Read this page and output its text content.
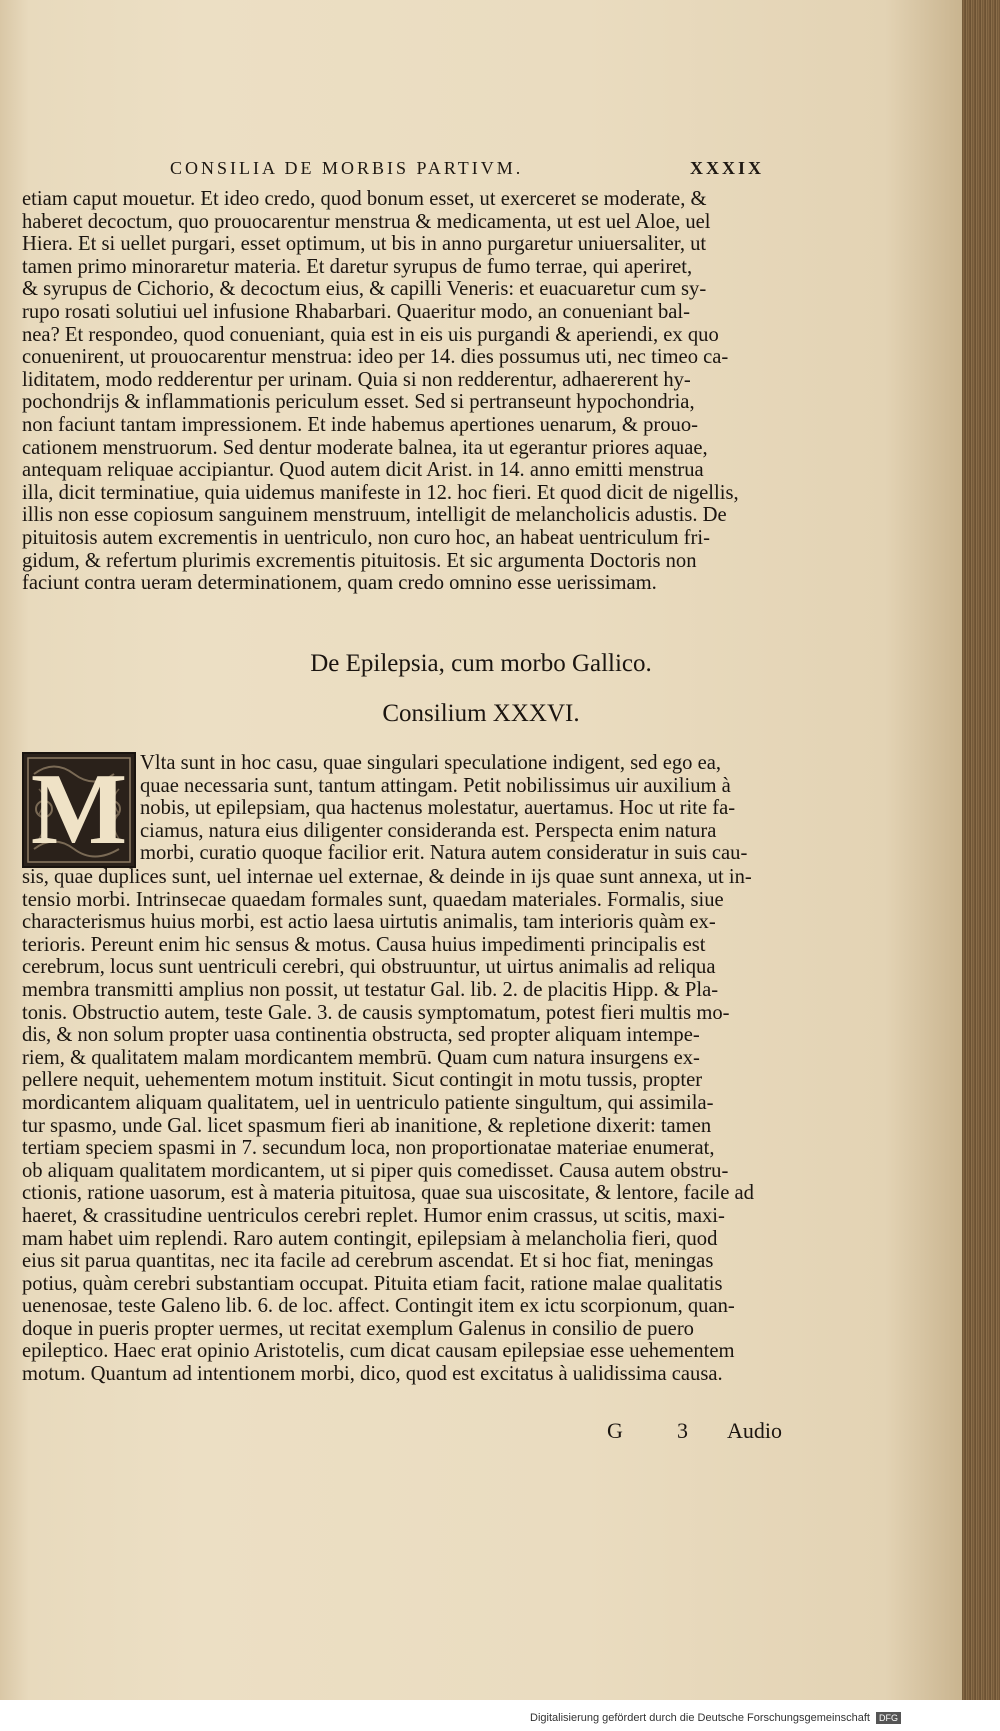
CONSILIA DE MORBIS PARTIVM.	XXXIX
etiam caput mouetur. Et ideo credo, quod bonum esset, ut exerceret se moderate, &
haberet decoctum, quo prouocarentur menstrua & medicamenta, ut est uel Aloe, uel
Hiera. Et si uellet purgari, esset optimum, ut bis in anno purgaretur uniuersaliter, ut
tamen primo minoraretur materia. Et daretur syrupus de fumo terrae, qui aperiret,
& syrupus de Cichorio, & decoctum eius, & capilli Veneris: et euacuaretur cum sy-
rupo rosati solutiui uel infusione Rhabarbari. Quaeritur modo, an conueniant bal-
nea? Et respondeo, quod conueniant, quia est in eis uis purgandi & aperiendi, ex quo
conuenirent, ut prouocarentur menstrua: ideo per 14. dies possumus uti, nec timeo ca-
liditatem, modo redderentur per urinam. Quia si non redderentur, adhaererent hy-
pochondrijs & inflammationis periculum esset. Sed si pertranseunt hypochondria,
non faciunt tantam impressionem. Et inde habemus apertiones uenarum, & prouo-
cationem menstruorum. Sed dentur moderate balnea, ita ut egerantur priores aquae,
antequam reliquae accipiantur. Quod autem dicit Arist. in 14. anno emitti menstrua
illa, dicit terminatiue, quia uidemus manifeste in 12. hoc fieri. Et quod dicit de nigellis,
illis non esse copiosum sanguinem menstruum, intelligit de melancholicis adustis. De
pituitosis autem excrementis in uentriculo, non curo hoc, an habeat uentriculum fri-
gidum, & refertum plurimis excrementis pituitosis. Et sic argumenta Doctoris non
faciunt contra ueram determinationem, quam credo omnino esse uerissimam.
De Epilepsia, cum morbo Gallico.
Consilium XXXVI.
M Vlta sunt in hoc casu, quae singulari speculatione indigent, sed ego ea,
quae necessaria sunt, tantum attingam. Petit nobilissimus uir auxilium à
nobis, ut epilepsiam, qua hactenus molestatur, auertamus. Hoc ut rite fa-
ciamus, natura eius diligenter consideranda est. Perspecta enim natura
morbi, curatio quoque facilior erit. Natura autem consideratur in suis cau-
sis, quae duplices sunt, uel internae uel externae, & deinde in ijs quae sunt annexa, ut in-
tensio morbi. Intrinsecae quaedam formales sunt, quaedam materiales. Formalis, siue
characterismus huius morbi, est actio laesa uirtutis animalis, tam interioris quàm ex-
terioris. Pereunt enim hic sensus & motus. Causa huius impedimenti principalis est
cerebrum, locus sunt uentriculi cerebri, qui obstruuntur, ut uirtus animalis ad reliqua
membra transmitti amplius non possit, ut testatur Gal. lib. 2. de placitis Hipp. & Pla-
tonis. Obstructio autem, teste Gale. 3. de causis symptomatum, potest fieri multis mo-
dis, & non solum propter uasa continentia obstructa, sed propter aliquam intempe-
riem, & qualitatem malam mordicantem membrū. Quam cum natura insurgens ex-
pellere nequit, uehementem motum instituit. Sicut contingit in motu tussis, propter
mordicantem aliquam qualitatem, uel in uentriculo patiente singultum, qui assimila-
tur spasmo, unde Gal. licet spasmum fieri ab inanitione, & repletione dixerit: tamen
tertiam speciem spasmi in 7. secundum loca, non proportionatae materiae enumerat,
ob aliquam qualitatem mordicantem, ut si piper quis comedisset. Causa autem obstru-
ctionis, ratione uasorum, est à materia pituitosa, quae sua uiscositate, & lentore, facile ad
haeret, & crassitudine uentriculos cerebri replet. Humor enim crassus, ut scitis, maxi-
mam habet uim replendi. Raro autem contingit, epilepsiam à melancholia fieri, quod
eius sit parua quantitas, nec ita facile ad cerebrum ascendat. Et si hoc fiat, meningas
potius, quàm cerebri substantiam occupat. Pituita etiam facit, ratione malae qualitatis
uenenosae, teste Galeno lib. 6. de loc. affect. Contingit item ex ictu scorpionum, quan-
doque in pueris propter uermes, ut recitat exemplum Galenus in consilio de puero
epileptico. Haec erat opinio Aristotelis, cum dicat causam epilepsiae esse uehementem
motum. Quantum ad intentionem morbi, dico, quod est excitatus à ualidissima causa.
G 3 Audio
Digitalisierung gefördert durch die Deutsche Forschungsgemeinschaft DFG
